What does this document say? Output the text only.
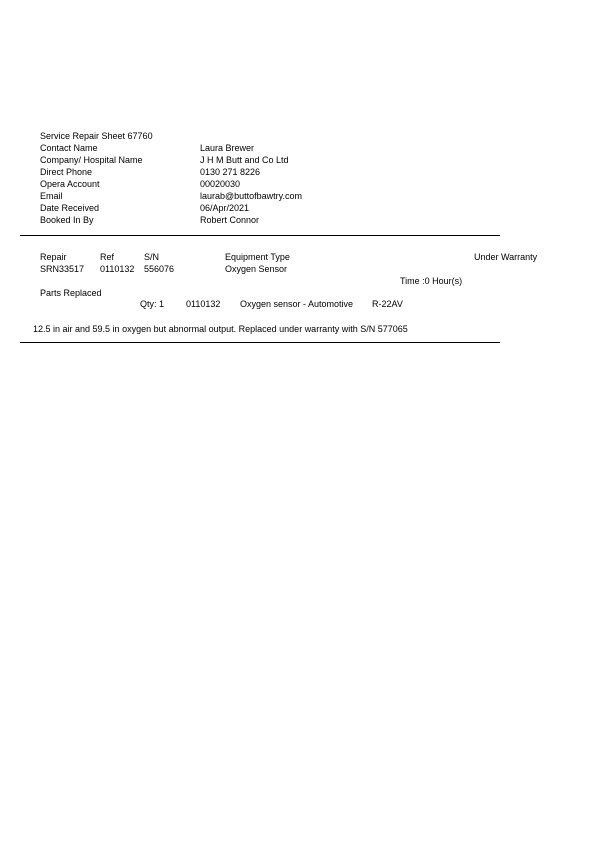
Service Repair Sheet 67760
Contact Name	Laura Brewer
Company/ Hospital Name	J H M Butt and Co Ltd
Direct Phone	0130 271 8226
Opera Account	00020030
Email	laurab@buttofbawtry.com
Date Received	06/Apr/2021
Booked In By	Robert Connor
Repair	Ref	S/N	Equipment Type	Under Warranty
SRN33517 0110132 556076	Oxygen Sensor
Time :0 Hour(s)
Parts Replaced
Qty: 1 0110132 Oxygen sensor - Automotive R-22AV
12.5 in air and 59.5 in oxygen but abnormal output. Replaced under warranty with S/N 577065
